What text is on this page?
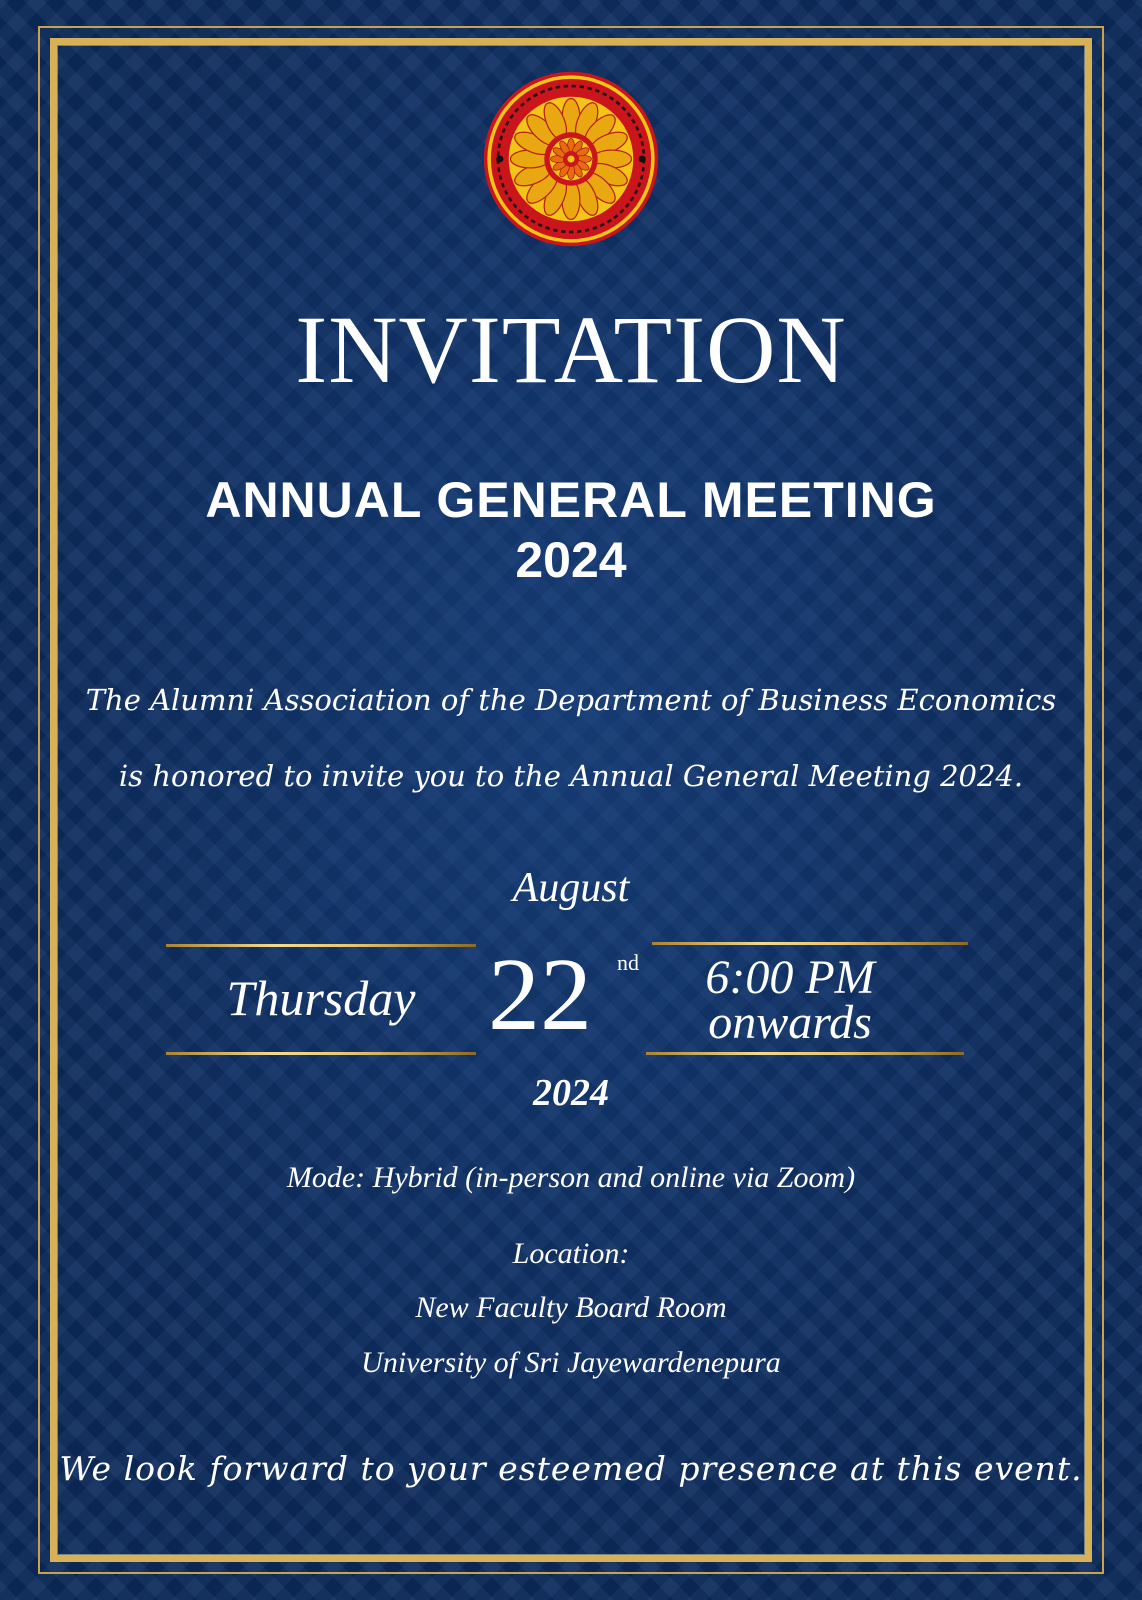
INVITATION
ANNUAL GENERAL MEETING
2024
The Alumni Association of the Department of Business Economics
is honored to invite you to the Annual General Meeting 2024.
August
Thursday 22	nd	6:00 PM
onwards
2024
Mode: Hybrid (in-person and online via Zoom)
Location:
New Faculty Board Room
University of Sri Jayewardenepura
We look forward to your esteemed presence at this event.
